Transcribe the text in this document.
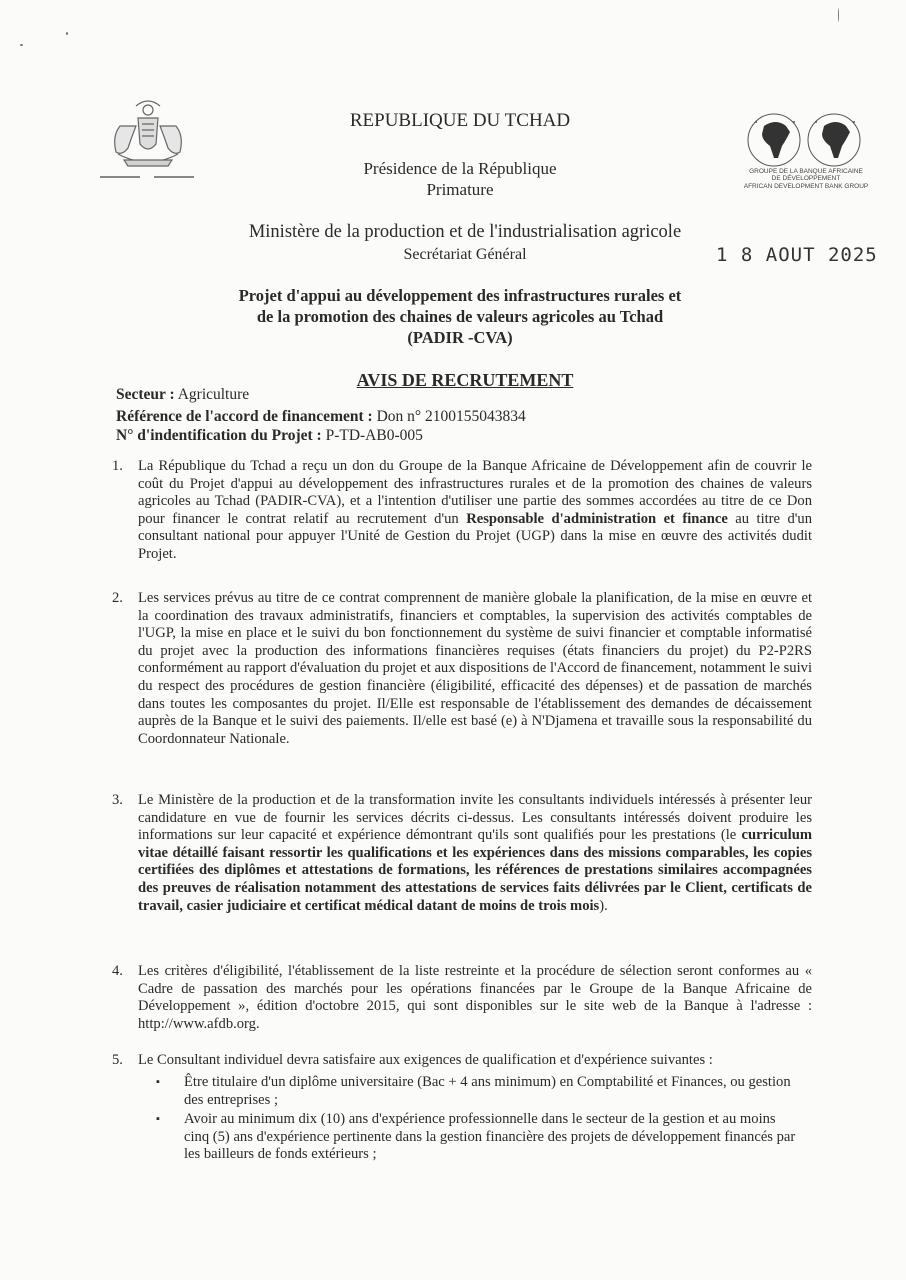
GROUPE DE LA BANQUE AFRICAINE
DE DÉVELOPPEMENT
AFRICAN DEVELOPMENT BANK GROUP
REPUBLIQUE DU TCHAD
Présidence de la République
Primature
Ministère de la production et de l'industrialisation agricole
Secrétariat Général	1 8 AOUT 2025
Projet d'appui au développement des infrastructures rurales et
de la promotion des chaines de valeurs agricoles au Tchad
(PADIR -CVA)
AVIS DE RECRUTEMENT
Secteur : Agriculture
Référence de l'accord de financement : Don n° 2100155043834
N° d'indentification du Projet : P-TD-AB0-005
1. La République du Tchad a reçu un don du Groupe de la Banque Africaine de Développement afin de couvrir le coût du Projet d'appui au développement des infrastructures rurales et de la promotion des chaines de valeurs agricoles au Tchad (PADIR-CVA), et a l'intention d'utiliser une partie des sommes accordées au titre de ce Don pour financer le contrat relatif au recrutement d'un Responsable d'administration et finance au titre d'un consultant national pour appuyer l'Unité de Gestion du Projet (UGP) dans la mise en œuvre des activités dudit Projet.
2. Les services prévus au titre de ce contrat comprennent de manière globale la planification, de la mise en œuvre et la coordination des travaux administratifs, financiers et comptables, la supervision des activités comptables de l'UGP, la mise en place et le suivi du bon fonctionnement du système de suivi financier et comptable informatisé du projet avec la production des informations financières requises (états financiers du projet) du P2-P2RS conformément au rapport d'évaluation du projet et aux dispositions de l'Accord de financement, notamment le suivi du respect des procédures de gestion financière (éligibilité, efficacité des dépenses) et de passation de marchés dans toutes les composantes du projet. Il/Elle est responsable de l'établissement des demandes de décaissement auprès de la Banque et le suivi des paiements. Il/elle est basé (e) à N'Djamena et travaille sous la responsabilité du Coordonnateur Nationale.
3. Le Ministère de la production et de la transformation invite les consultants individuels intéressés à présenter leur candidature en vue de fournir les services décrits ci-dessus. Les consultants intéressés doivent produire les informations sur leur capacité et expérience démontrant qu'ils sont qualifiés pour les prestations (le curriculum vitae détaillé faisant ressortir les qualifications et les expériences dans des missions comparables, les copies certifiées des diplômes et attestations de formations, les références de prestations similaires accompagnées des preuves de réalisation notamment des attestations de services faits délivrées par le Client, certificats de travail, casier judiciaire et certificat médical datant de moins de trois mois).
4. Les critères d'éligibilité, l'établissement de la liste restreinte et la procédure de sélection seront conformes au « Cadre de passation des marchés pour les opérations financées par le Groupe de la Banque Africaine de Développement », édition d'octobre 2015, qui sont disponibles sur le site web de la Banque à l'adresse : http://www.afdb.org.
5. Le Consultant individuel devra satisfaire aux exigences de qualification et d'expérience suivantes :
▪ Être titulaire d'un diplôme universitaire (Bac + 4 ans minimum) en Comptabilité et Finances, ou gestion des entreprises ;
▪ Avoir au minimum dix (10) ans d'expérience professionnelle dans le secteur de la gestion et au moins cinq (5) ans d'expérience pertinente dans la gestion financière des projets de développement financés par les bailleurs de fonds extérieurs ;
